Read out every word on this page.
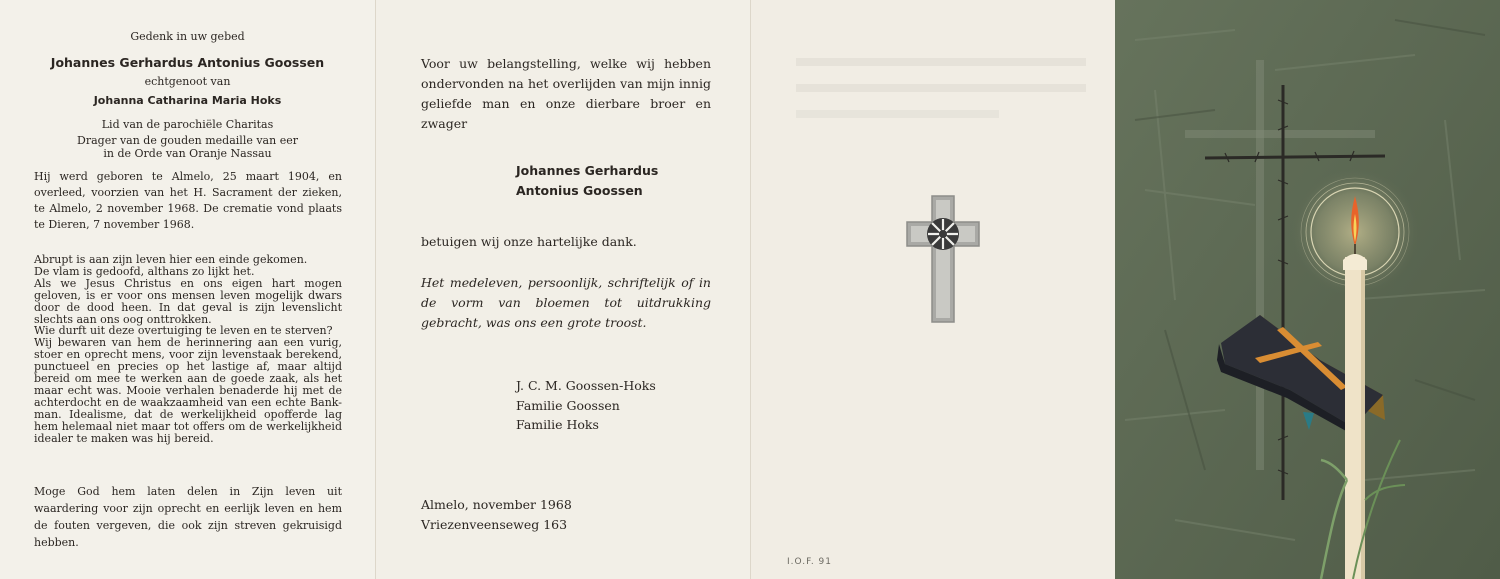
Gedenk in uw gebed
Johannes Gerhardus Antonius Goossen
echtgenoot van
Johanna Catharina Maria Hoks
Lid van de parochiële Charitas
Drager van de gouden medaille van eer
in de Orde van Oranje Nassau
Hij werd geboren te Almelo, 25 maart 1904, en overleed, voorzien van het H. Sacrament der zieken, te Almelo, 2 november 1968. De crematie vond plaats te Dieren, 7 november 1968.
Abrupt is aan zijn leven hier een einde gekomen.
De vlam is gedoofd, althans zo lijkt het.
Als we Jesus Christus en ons eigen hart mogen geloven, is er voor ons mensen leven mogelijk dwars door de dood heen. In dat geval is zijn levenslicht slechts aan ons oog onttrokken.
Wie durft uit deze overtuiging te leven en te sterven?
Wij bewaren van hem de herinnering aan een vurig, stoer en oprecht mens, voor zijn levenstaak berekend, punctueel en precies op het lastige af, maar altijd bereid om mee te werken aan de goede zaak, als het maar echt was. Mooie verhalen benaderde hij met de achterdocht en de waakzaamheid van een echte Bank-man. Idealisme, dat de werkelijkheid opofferde lag hem helemaal niet maar tot offers om de werkelijkheid idealer te maken was hij bereid.
Moge God hem laten delen in Zijn leven uit waardering voor zijn oprecht en eerlijk leven en hem de fouten vergeven, die ook zijn streven gekruisigd hebben.
Voor uw belangstelling, welke wij hebben ondervonden na het overlijden van mijn innig geliefde man en onze dierbare broer en zwager
Johannes Gerhardus
Antonius Goossen
betuigen wij onze hartelijke dank.
Het medeleven, persoonlijk, schriftelijk of in de vorm van bloemen tot uitdrukking gebracht, was ons een grote troost.
J. C. M. Goossen-Hoks
Familie Goossen
Familie Hoks
Almelo, november 1968
Vriezenveenseweg 163
I.O.F. 91
